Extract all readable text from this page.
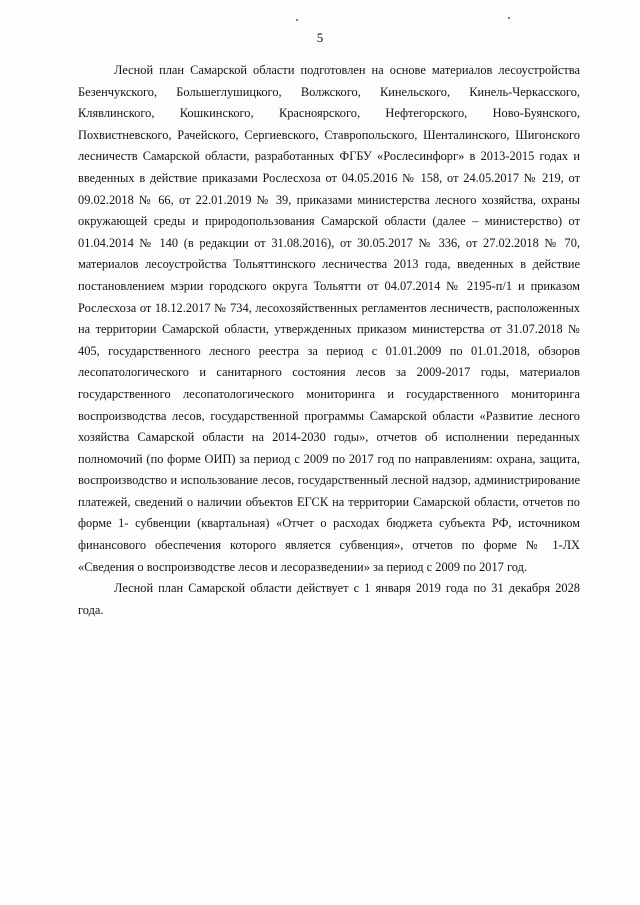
5

Лесной план Самарской области подготовлен на основе материалов лесоустройства Безенчукского, Большеглушицкого, Волжского, Кинельского, Кинель-Черкасского, Клявлинского, Кошкинского, Красноярского, Нефтегорского, Ново-Буянского, Похвистневского, Рачейского, Сергиевского, Ставропольского, Шенталинского, Шигонского лесничеств Самарской области, разработанных ФГБУ «Рослесинфорг» в 2013-2015 годах и введенных в действие приказами Рослесхоза от 04.05.2016 № 158, от 24.05.2017 № 219, от 09.02.2018 № 66, от 22.01.2019 № 39, приказами министерства лесного хозяйства, охраны окружающей среды и природопользования Самарской области (далее – министерство) от 01.04.2014 № 140 (в редакции от 31.08.2016), от 30.05.2017 № 336, от 27.02.2018 № 70, материалов лесоустройства Тольяттинского лесничества 2013 года, введенных в действие постановлением мэрии городского округа Тольятти от 04.07.2014 № 2195-п/1 и приказом Рослесхоза от 18.12.2017 № 734, лесохозяйственных регламентов лесничеств, расположенных на территории Самарской области, утвержденных приказом министерства от 31.07.2018 № 405, государственного лесного реестра за период с 01.01.2009 по 01.01.2018, обзоров лесопатологического и санитарного состояния лесов за 2009-2017 годы, материалов государственного лесопатологического мониторинга и государственного мониторинга воспроизводства лесов, государственной программы Самарской области «Развитие лесного хозяйства Самарской области на 2014-2030 годы», отчетов об исполнении переданных полномочий (по форме ОИП) за период с 2009 по 2017 год по направлениям: охрана, защита, воспроизводство и использование лесов, государственный лесной надзор, администрирование платежей, сведений о наличии объектов ЕГСК на территории Самарской области, отчетов по форме 1- субвенции (квартальная) «Отчет о расходах бюджета субъекта РФ, источником финансового обеспечения которого является субвенция», отчетов по форме № 1-ЛХ «Сведения о воспроизводстве лесов и лесоразведении» за период с 2009 по 2017 год.

Лесной план Самарской области действует с 1 января 2019 года по 31 декабря 2028 года.
